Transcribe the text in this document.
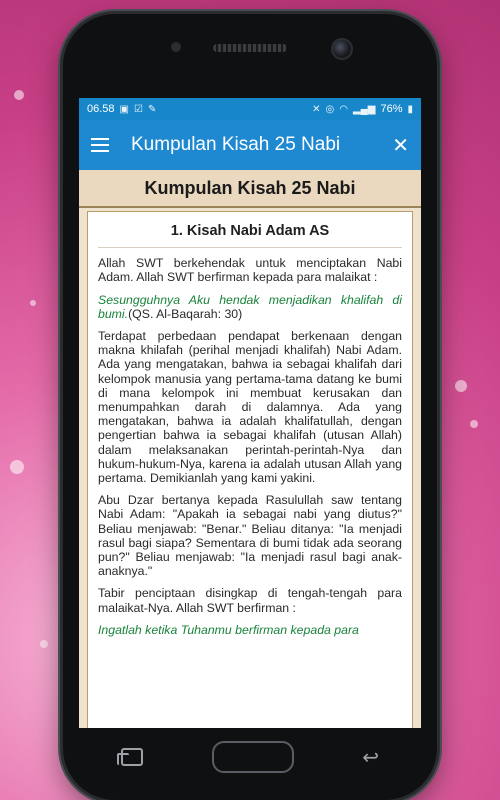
06.58 ▣ ☑ ✎	✕ ◎ ◠ ▂▄▆ 76% ▮
Kumpulan Kisah 25 Nabi	✕
Kumpulan Kisah 25 Nabi
1. Kisah Nabi Adam AS

Allah SWT berkehendak untuk menciptakan Nabi Adam. Allah SWT berfirman kepada para malaikat :

Sesungguhnya Aku hendak menjadikan khalifah di bumi.(QS. Al-Baqarah: 30)

Terdapat perbedaan pendapat berkenaan dengan makna khilafah (perihal menjadi khalifah) Nabi Adam. Ada yang mengatakan, bahwa ia sebagai khalifah dari kelompok manusia yang pertama-tama datang ke bumi di mana kelompok ini membuat kerusakan dan menumpahkan darah di dalamnya. Ada yang mengatakan, bahwa ia adalah khalifatullah, dengan pengertian bahwa ia sebagai khalifah (utusan Allah) dalam melaksanakan perintah-perintah-Nya dan hukum-hukum-Nya, karena ia adalah utusan Allah yang pertama. Demikianlah yang kami yakini.

Abu Dzar bertanya kepada Rasulullah saw tentang Nabi Adam: "Apakah ia sebagai nabi yang diutus?" Beliau menjawab: "Benar." Beliau ditanya: "Ia menjadi rasul bagi siapa? Sementara di bumi tidak ada seorang pun?" Beliau menjawab: "Ia menjadi rasul bagi anak-anaknya."

Tabir penciptaan disingkap di tengah-tengah para malaikat-Nya. Allah SWT berfirman :

Ingatlah ketika Tuhanmu berfirman kepada para

↩
